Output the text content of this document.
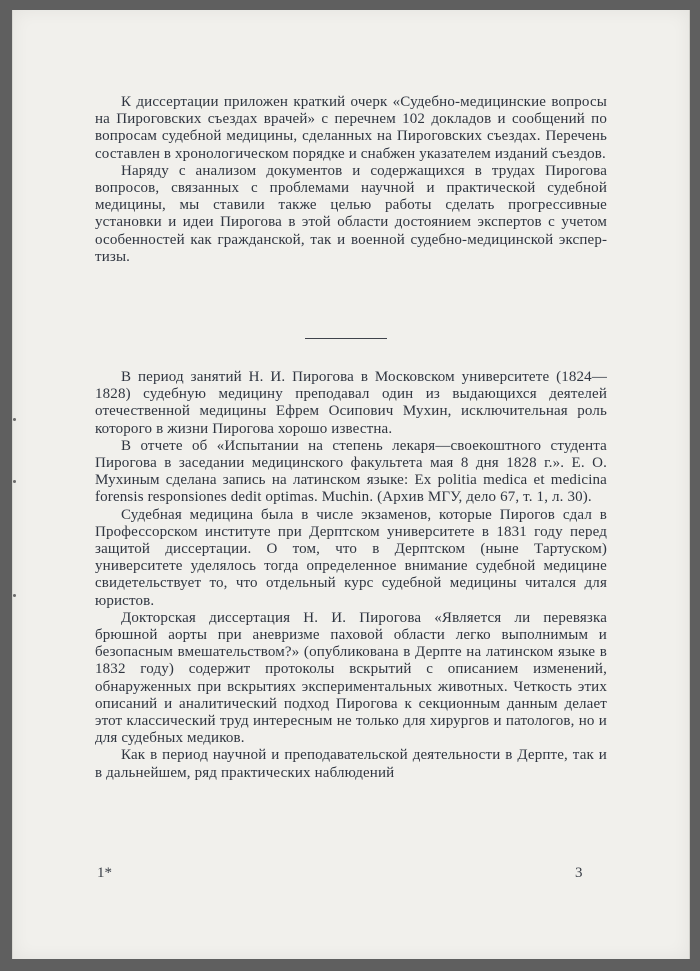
К диссертации приложен краткий очерк «Судебно-медицинские вопросы на Пироговских съездах врачей» с перечнем 102 докладов и сообщений по вопросам судебной медицины, сделанных на Пироговских съездах. Перечень составлен в хронологическом порядке и снабжен указателем изданий съездов.

Наряду с анализом документов и содержащихся в трудах Пирогова вопросов, связанных с проблемами научной и практической судебной медицины, мы ставили также целью работы сделать прогрессивные установки и идеи Пирогова в этой области достоянием экспертов с учетом особенностей как гражданской, так и военной судебно-медицинской экспертизы.

В период занятий Н. И. Пирогова в Московском университете (1824—1828) судебную медицину преподавал один из выдающихся деятелей отечественной медицины Ефрем Осипович Мухин, исключительная роль которого в жизни Пирогова хорошо известна.

В отчете об «Испытании на степень лекаря—своекоштного студента Пирогова в заседании медицинского факультета мая 8 дня 1828 г.». Е. О. Мухиным сделана запись на латинском языке: Ex politia medica et medicina forensis responsiones dedit optimas. Muchin. (Архив МГУ, дело 67, т. 1, л. 30).

Судебная медицина была в числе экзаменов, которые Пирогов сдал в Профессорском институте при Дерптском университете в 1831 году перед защитой диссертации. О том, что в Дерптском (ныне Тартуском) университете уделялось тогда определенное внимание судебной медицине свидетельствует то, что отдельный курс судебной медицины читался для юристов.

Докторская диссертация Н. И. Пирогова «Является ли перевязка брюшной аорты при аневризме паховой области легко выполнимым и безопасным вмешательством?» (опубликована в Дерпте на латинском языке в 1832 году) содержит протоколы вскрытий с описанием изменений, обнаруженных при вскрытиях экспериментальных животных. Четкость этих описаний и аналитический подход Пирогова к секционным данным делает этот классический труд интересным не только для хирургов и патологов, но и для судебных медиков.

Как в период научной и преподавательской деятельности в Дерпте, так и в дальнейшем, ряд практических наблюдений

1*	3
